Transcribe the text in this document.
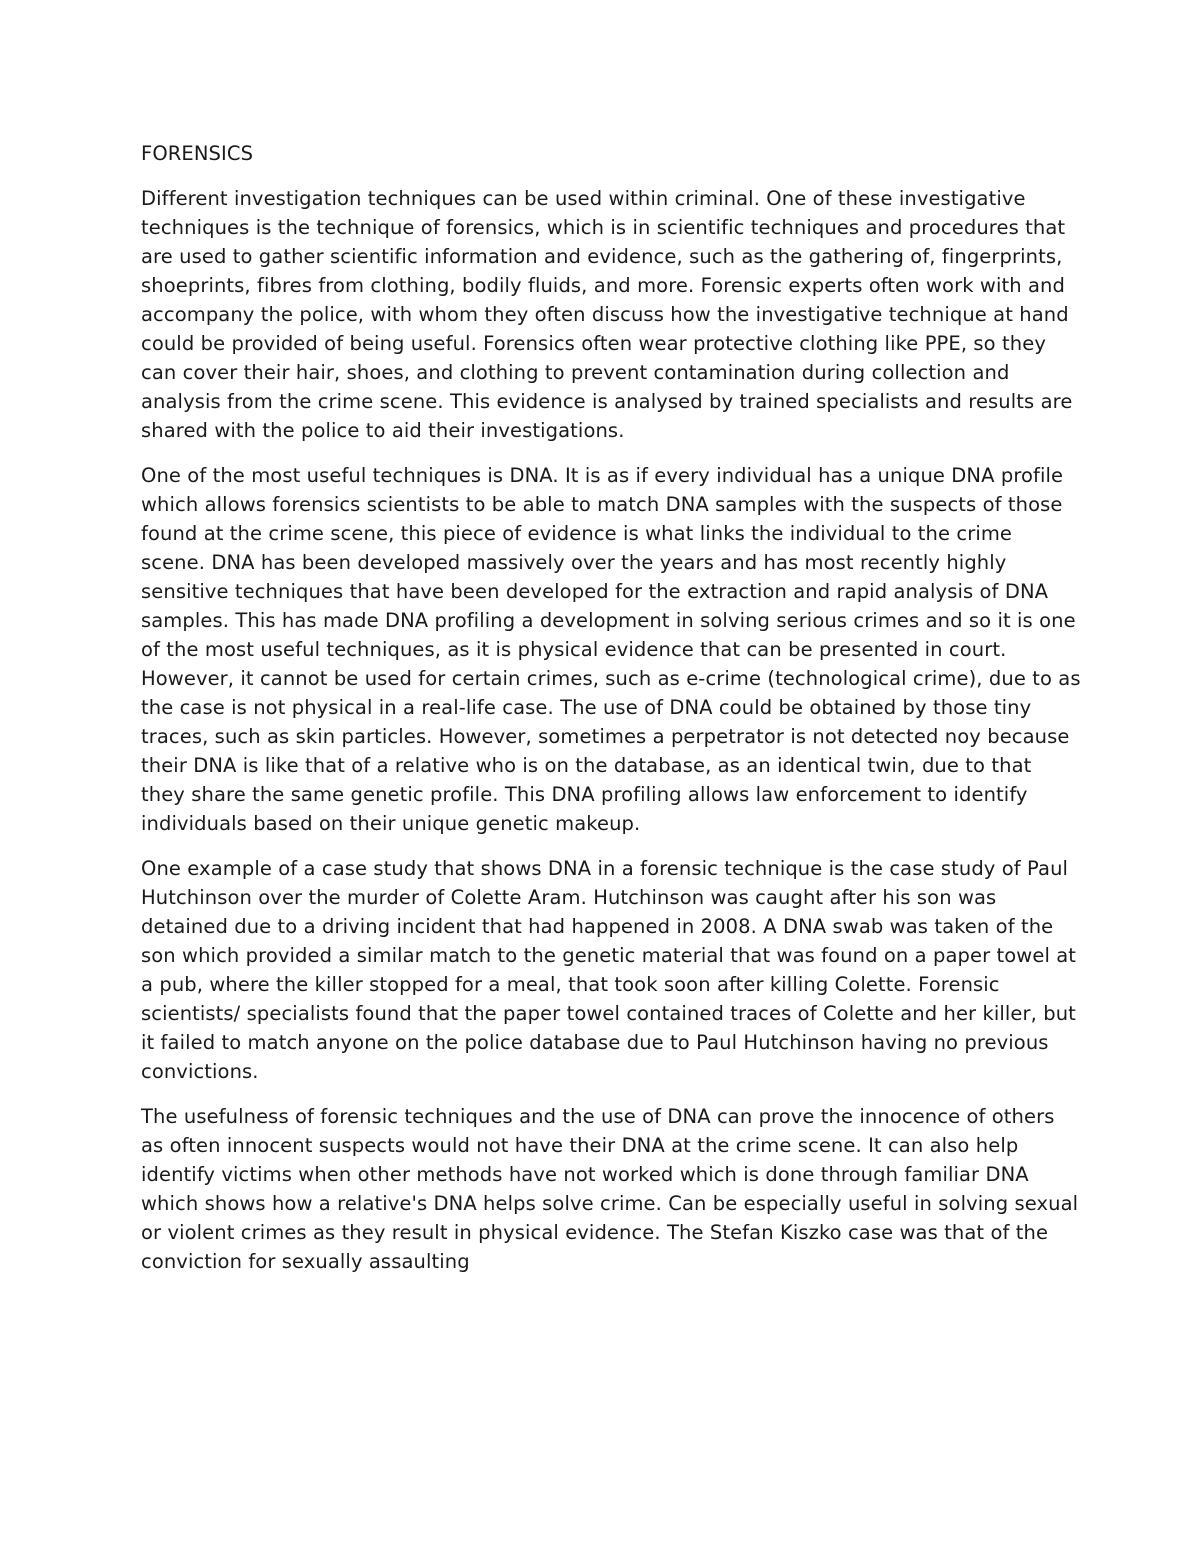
FORENSICS

Different investigation techniques can be used within criminal. One of these investigative techniques is the technique of forensics, which is in scientific techniques and procedures that are used to gather scientific information and evidence, such as the gathering of, fingerprints, shoeprints, fibres from clothing, bodily fluids, and more. Forensic experts often work with and accompany the police, with whom they often discuss how the investigative technique at hand could be provided of being useful. Forensics often wear protective clothing like PPE, so they can cover their hair, shoes, and clothing to prevent contamination during collection and analysis from the crime scene. This evidence is analysed by trained specialists and results are shared with the police to aid their investigations.

One of the most useful techniques is DNA. It is as if every individual has a unique DNA profile which allows forensics scientists to be able to match DNA samples with the suspects of those found at the crime scene, this piece of evidence is what links the individual to the crime scene. DNA has been developed massively over the years and has most recently highly sensitive techniques that have been developed for the extraction and rapid analysis of DNA samples. This has made DNA profiling a development in solving serious crimes and so it is one of the most useful techniques, as it is physical evidence that can be presented in court. However, it cannot be used for certain crimes, such as e-crime (technological crime), due to as the case is not physical in a real-life case. The use of DNA could be obtained by those tiny traces, such as skin particles. However, sometimes a perpetrator is not detected noy because their DNA is like that of a relative who is on the database, as an identical twin, due to that they share the same genetic profile. This DNA profiling allows law enforcement to identify individuals based on their unique genetic makeup.

One example of a case study that shows DNA in a forensic technique is the case study of Paul Hutchinson over the murder of Colette Aram. Hutchinson was caught after his son was detained due to a driving incident that had happened in 2008. A DNA swab was taken of the son which provided a similar match to the genetic material that was found on a paper towel at a pub, where the killer stopped for a meal, that took soon after killing Colette. Forensic scientists/ specialists found that the paper towel contained traces of Colette and her killer, but it failed to match anyone on the police database due to Paul Hutchinson having no previous convictions.

The usefulness of forensic techniques and the use of DNA can prove the innocence of others as often innocent suspects would not have their DNA at the crime scene. It can also help identify victims when other methods have not worked which is done through familiar DNA which shows how a relative's DNA helps solve crime. Can be especially useful in solving sexual or violent crimes as they result in physical evidence. The Stefan Kiszko case was that of the conviction for sexually assaulting
